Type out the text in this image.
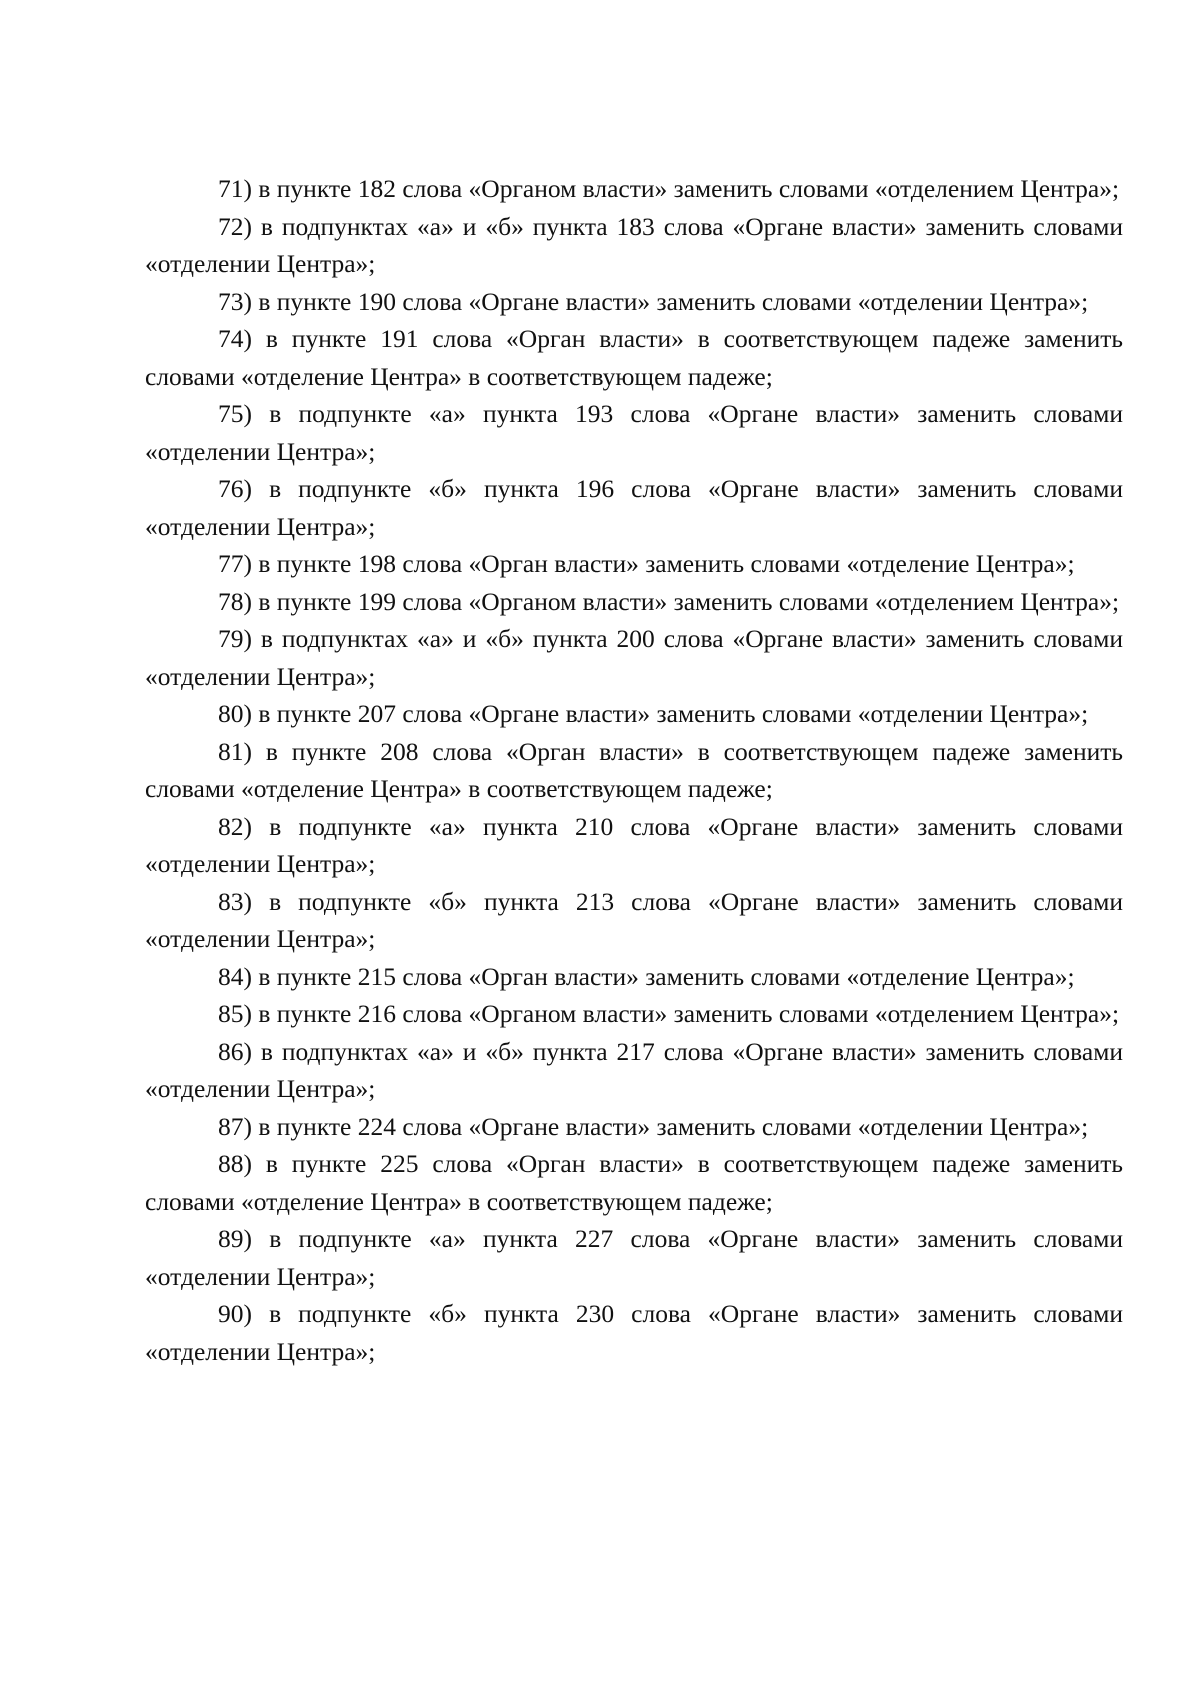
71) в пункте 182 слова «Органом власти» заменить словами «отделением Центра»;

72) в подпунктах «а» и «б» пункта 183 слова «Органе власти» заменить словами «отделении Центра»;

73) в пункте 190 слова «Органе власти» заменить словами «отделении Центра»;

74) в пункте 191 слова «Орган власти» в соответствующем падеже заменить словами «отделение Центра» в соответствующем падеже;

75) в подпункте «а» пункта 193 слова «Органе власти» заменить словами «отделении Центра»;

76) в подпункте «б» пункта 196 слова «Органе власти» заменить словами «отделении Центра»;

77) в пункте 198 слова «Орган власти» заменить словами «отделение Центра»;

78) в пункте 199 слова «Органом власти» заменить словами «отделением Центра»;

79) в подпунктах «а» и «б» пункта 200 слова «Органе власти» заменить словами «отделении Центра»;

80) в пункте 207 слова «Органе власти» заменить словами «отделении Центра»;

81) в пункте 208 слова «Орган власти» в соответствующем падеже заменить словами «отделение Центра» в соответствующем падеже;

82) в подпункте «а» пункта 210 слова «Органе власти» заменить словами «отделении Центра»;

83) в подпункте «б» пункта 213 слова «Органе власти» заменить словами «отделении Центра»;

84) в пункте 215 слова «Орган власти» заменить словами «отделение Центра»;

85) в пункте 216 слова «Органом власти» заменить словами «отделением Центра»;

86) в подпунктах «а» и «б» пункта 217 слова «Органе власти» заменить словами «отделении Центра»;

87) в пункте 224 слова «Органе власти» заменить словами «отделении Центра»;

88) в пункте 225 слова «Орган власти» в соответствующем падеже заменить словами «отделение Центра» в соответствующем падеже;

89) в подпункте «а» пункта 227 слова «Органе власти» заменить словами «отделении Центра»;

90) в подпункте «б» пункта 230 слова «Органе власти» заменить словами «отделении Центра»;
